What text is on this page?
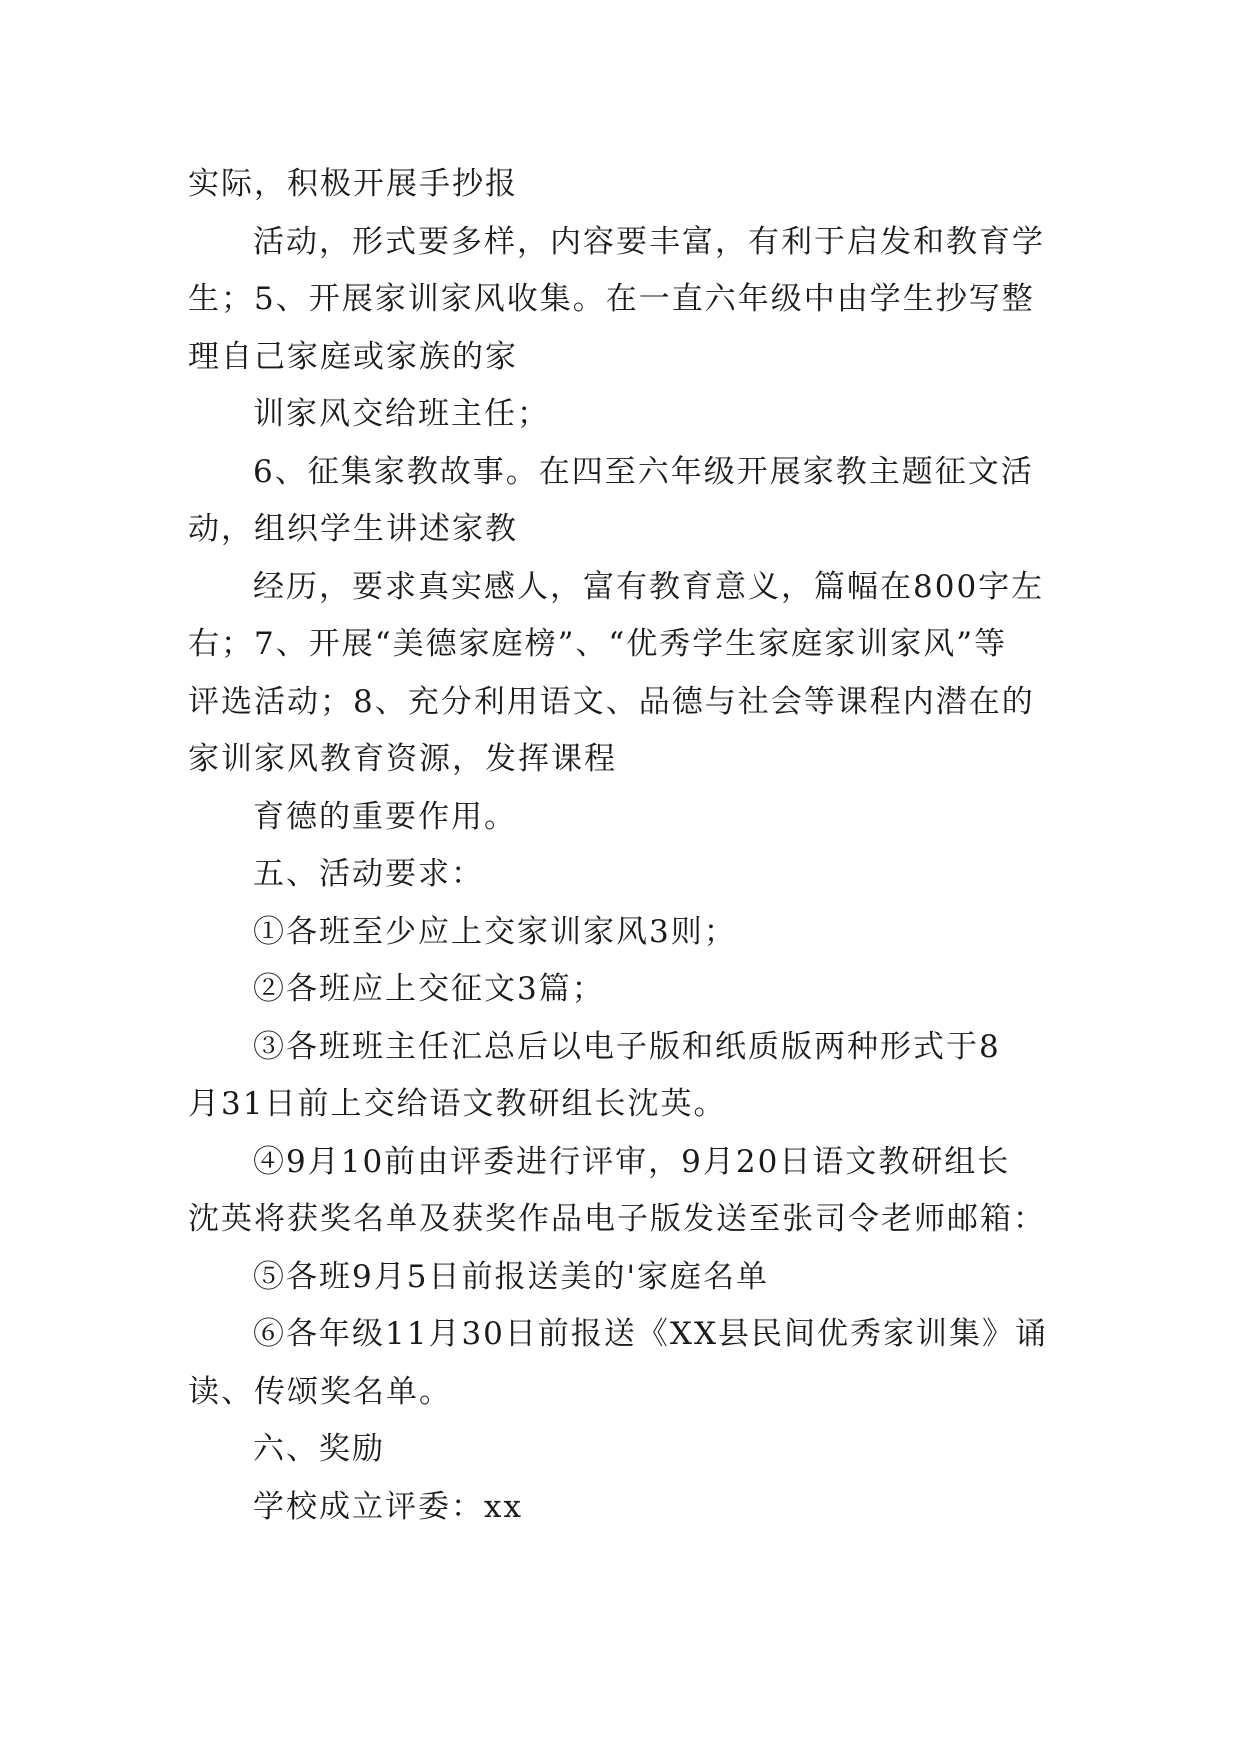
实际，积极开展手抄报
活动，形式要多样，内容要丰富，有利于启发和教育学
生；5、开展家训家风收集。在一直六年级中由学生抄写整
理自己家庭或家族的家
训家风交给班主任；
6、征集家教故事。在四至六年级开展家教主题征文活
动，组织学生讲述家教
经历，要求真实感人，富有教育意义，篇幅在800字左
右；7、开展“美德家庭榜”、“优秀学生家庭家训家风”等
评选活动；8、充分利用语文、品德与社会等课程内潜在的
家训家风教育资源，发挥课程
育德的重要作用。
五、活动要求：
①各班至少应上交家训家风3则；
②各班应上交征文3篇；
③各班班主任汇总后以电子版和纸质版两种形式于8
月31日前上交给语文教研组长沈英。
④9月10前由评委进行评审，9月20日语文教研组长
沈英将获奖名单及获奖作品电子版发送至张司令老师邮箱：
⑤各班9月5日前报送美的'家庭名单
⑥各年级11月30日前报送《XX县民间优秀家训集》诵
读、传颂奖名单。
六、奖励
学校成立评委：xx
